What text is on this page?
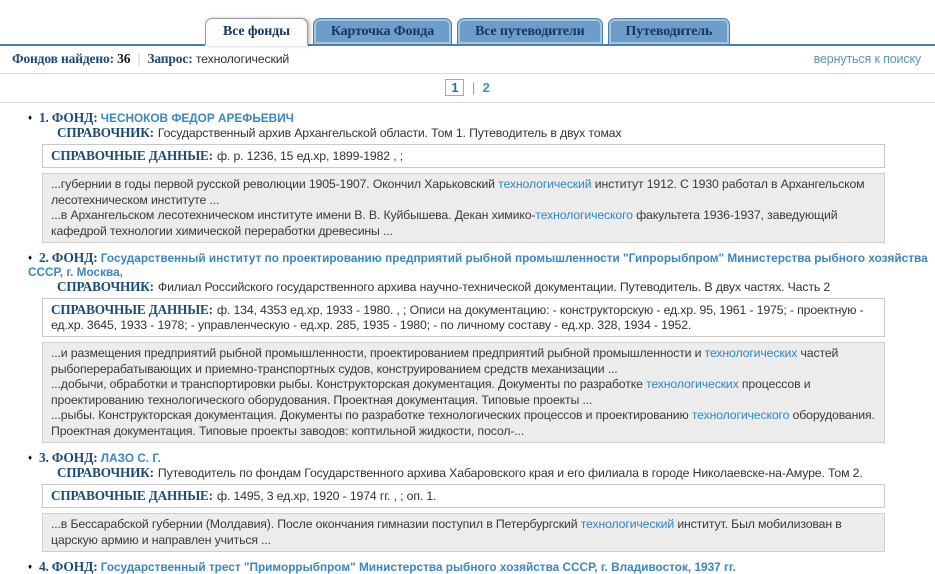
Все фонды	Карточка Фонда	Все путеводители	Путеводитель
Фондов найдено: 36 | Запрос: технологический	вернуться к поиску
1 | 2
♦ 1. ФОНД: ЧЕСНОКОВ ФЕДОР АРЕФЬЕВИЧ
СПРАВОЧНИК: Государственный архив Архангельской области. Том 1. Путеводитель в двух томах
СПРАВОЧНЫЕ ДАННЫЕ: ф. р. 1236, 15 ед.хр, 1899-1982 , ;
...губернии в годы первой русской революции 1905-1907. Окончил Харьковский технологический институт 1912. С 1930 работал в Архангельском лесотехническом институте ...
...в Архангельском лесотехническом институте имени В. В. Куйбышева. Декан химико-технологического факультета 1936-1937, заведующий кафедрой технологии химической переработки древесины ...
♦ 2. ФОНД: Государственный институт по проектированию предприятий рыбной промышленности "Гипрорыбпром" Министерства рыбного хозяйства СССР, г. Москва,
СПРАВОЧНИК: Филиал Российского государственного архива научно-технической документации. Путеводитель. В двух частях. Часть 2
СПРАВОЧНЫЕ ДАННЫЕ: ф. 134, 4353 ед.хр, 1933 - 1980. , ; Описи на документацию: - конструкторскую - ед.хр. 95, 1961 - 1975; - проектную - ед.хр. 3645, 1933 - 1978; - управленческую - ед.хр. 285, 1935 - 1980; - по личному составу - ед.хр. 328, 1934 - 1952.
...и размещения предприятий рыбной промышленности, проектированием предприятий рыбной промышленности и технологических частей рыбоперерабатывающих и приемно-транспортных судов, конструированием средств механизации ...
...добычи, обработки и транспортировки рыбы. Конструкторская документация. Документы по разработке технологических процессов и проектированию технологического оборудования. Проектная документация. Типовые проекты ...
...рыбы. Конструкторская документация. Документы по разработке технологических процессов и проектированию технологического оборудования. Проектная документация. Типовые проекты заводов: коптильной жидкости, посол-...
♦ 3. ФОНД: ЛАЗО С. Г.
СПРАВОЧНИК: Путеводитель по фондам Государственного архива Хабаровского края и его филиала в городе Николаевске-на-Амуре. Том 2.
СПРАВОЧНЫЕ ДАННЫЕ: ф. 1495, 3 ед.хр, 1920 - 1974 гг. , ; оп. 1.
...в Бессарабской губернии (Молдавия). После окончания гимназии поступил в Петербургский технологический институт. Был мобилизован в царскую армию и направлен учиться ...
♦ 4. ФОНД: Государственный трест "Приморрыбпром" Министерства рыбного хозяйства СССР, г. Владивосток, 1937 гг.
